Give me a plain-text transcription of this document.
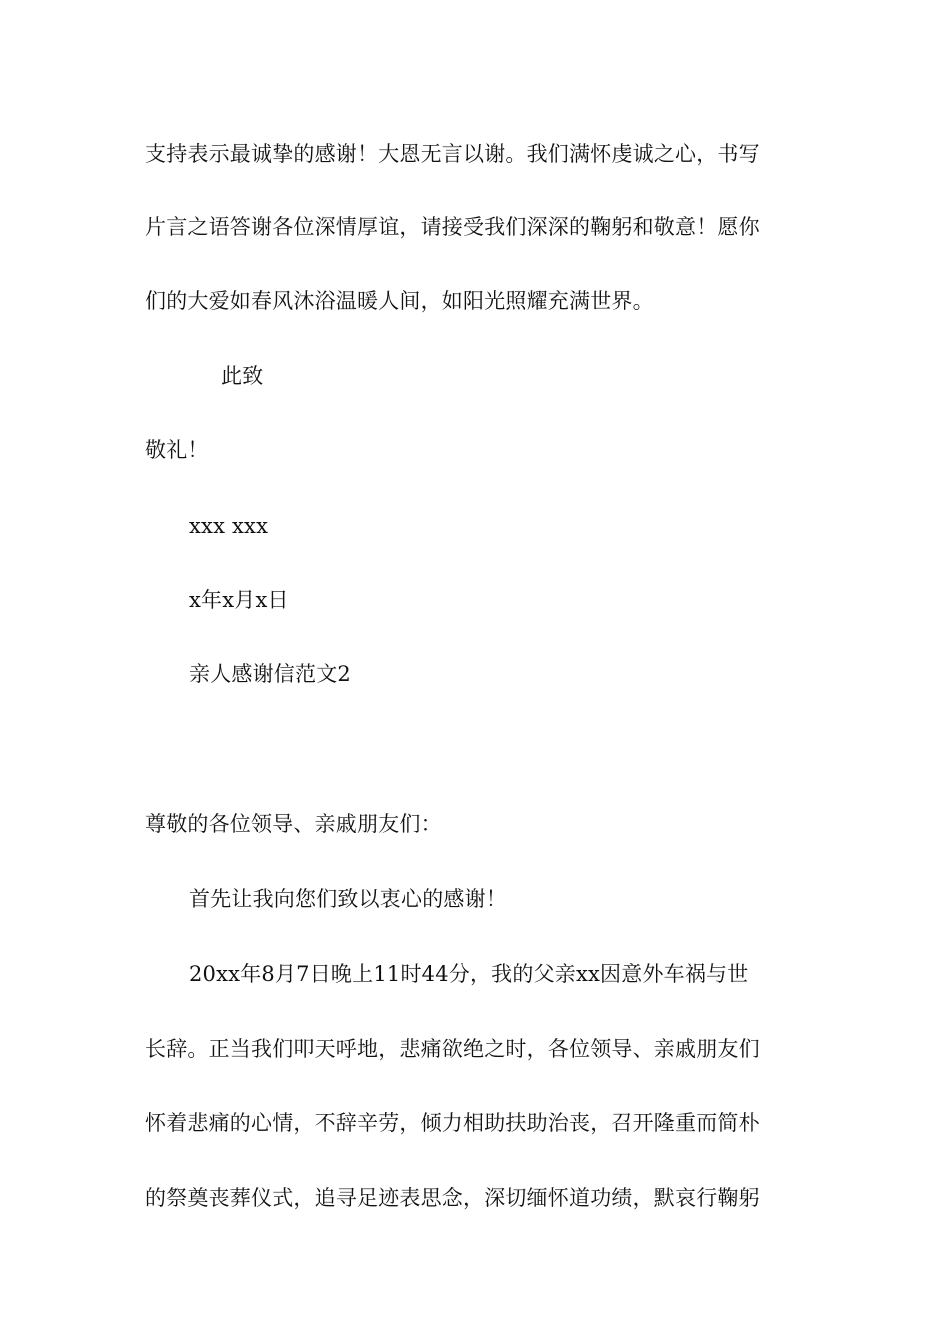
支持表示最诚挚的感谢！大恩无言以谢。我们满怀虔诚之心，书写
片言之语答谢各位深情厚谊，请接受我们深深的鞠躬和敬意！愿你
们的大爱如春风沐浴温暖人间，如阳光照耀充满世界。
此致
敬礼！
xxx xxx
x年x月x日
亲人感谢信范文2
尊敬的各位领导、亲戚朋友们：
首先让我向您们致以衷心的感谢！
20xx年8月7日晚上11时44分，我的父亲xx因意外车祸与世
长辞。正当我们叩天呼地，悲痛欲绝之时，各位领导、亲戚朋友们
怀着悲痛的心情，不辞辛劳，倾力相助扶助治丧，召开隆重而简朴
的祭奠丧葬仪式，追寻足迹表思念，深切缅怀道功绩，默哀行鞠躬
